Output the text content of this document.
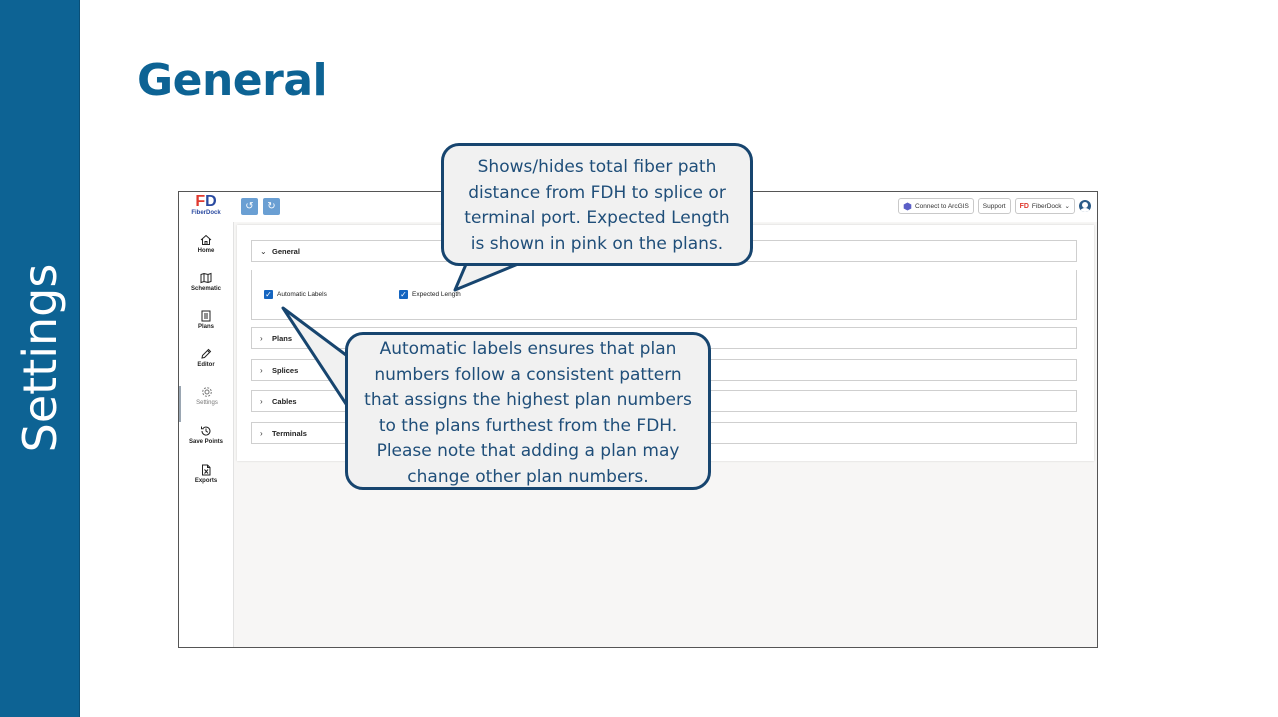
Settings
General
FD
FiberDock
Home
Schematic
Plans
Editor
Settings
Save Points
Exports
↺	↻	Connect to ArcGIS	Support	FD FiberDock ⌄
⌄ General
✓ Automatic Labels	✓ Expected Length
›	Plans
›	Splices
›	Cables
›	Terminals
Shows/hides total fiber path
distance from FDH to splice or
terminal port. Expected Length
is shown in pink on the plans.
Automatic labels ensures that plan
numbers follow a consistent pattern
that assigns the highest plan numbers
to the plans furthest from the FDH.
Please note that adding a plan may
change other plan numbers.
